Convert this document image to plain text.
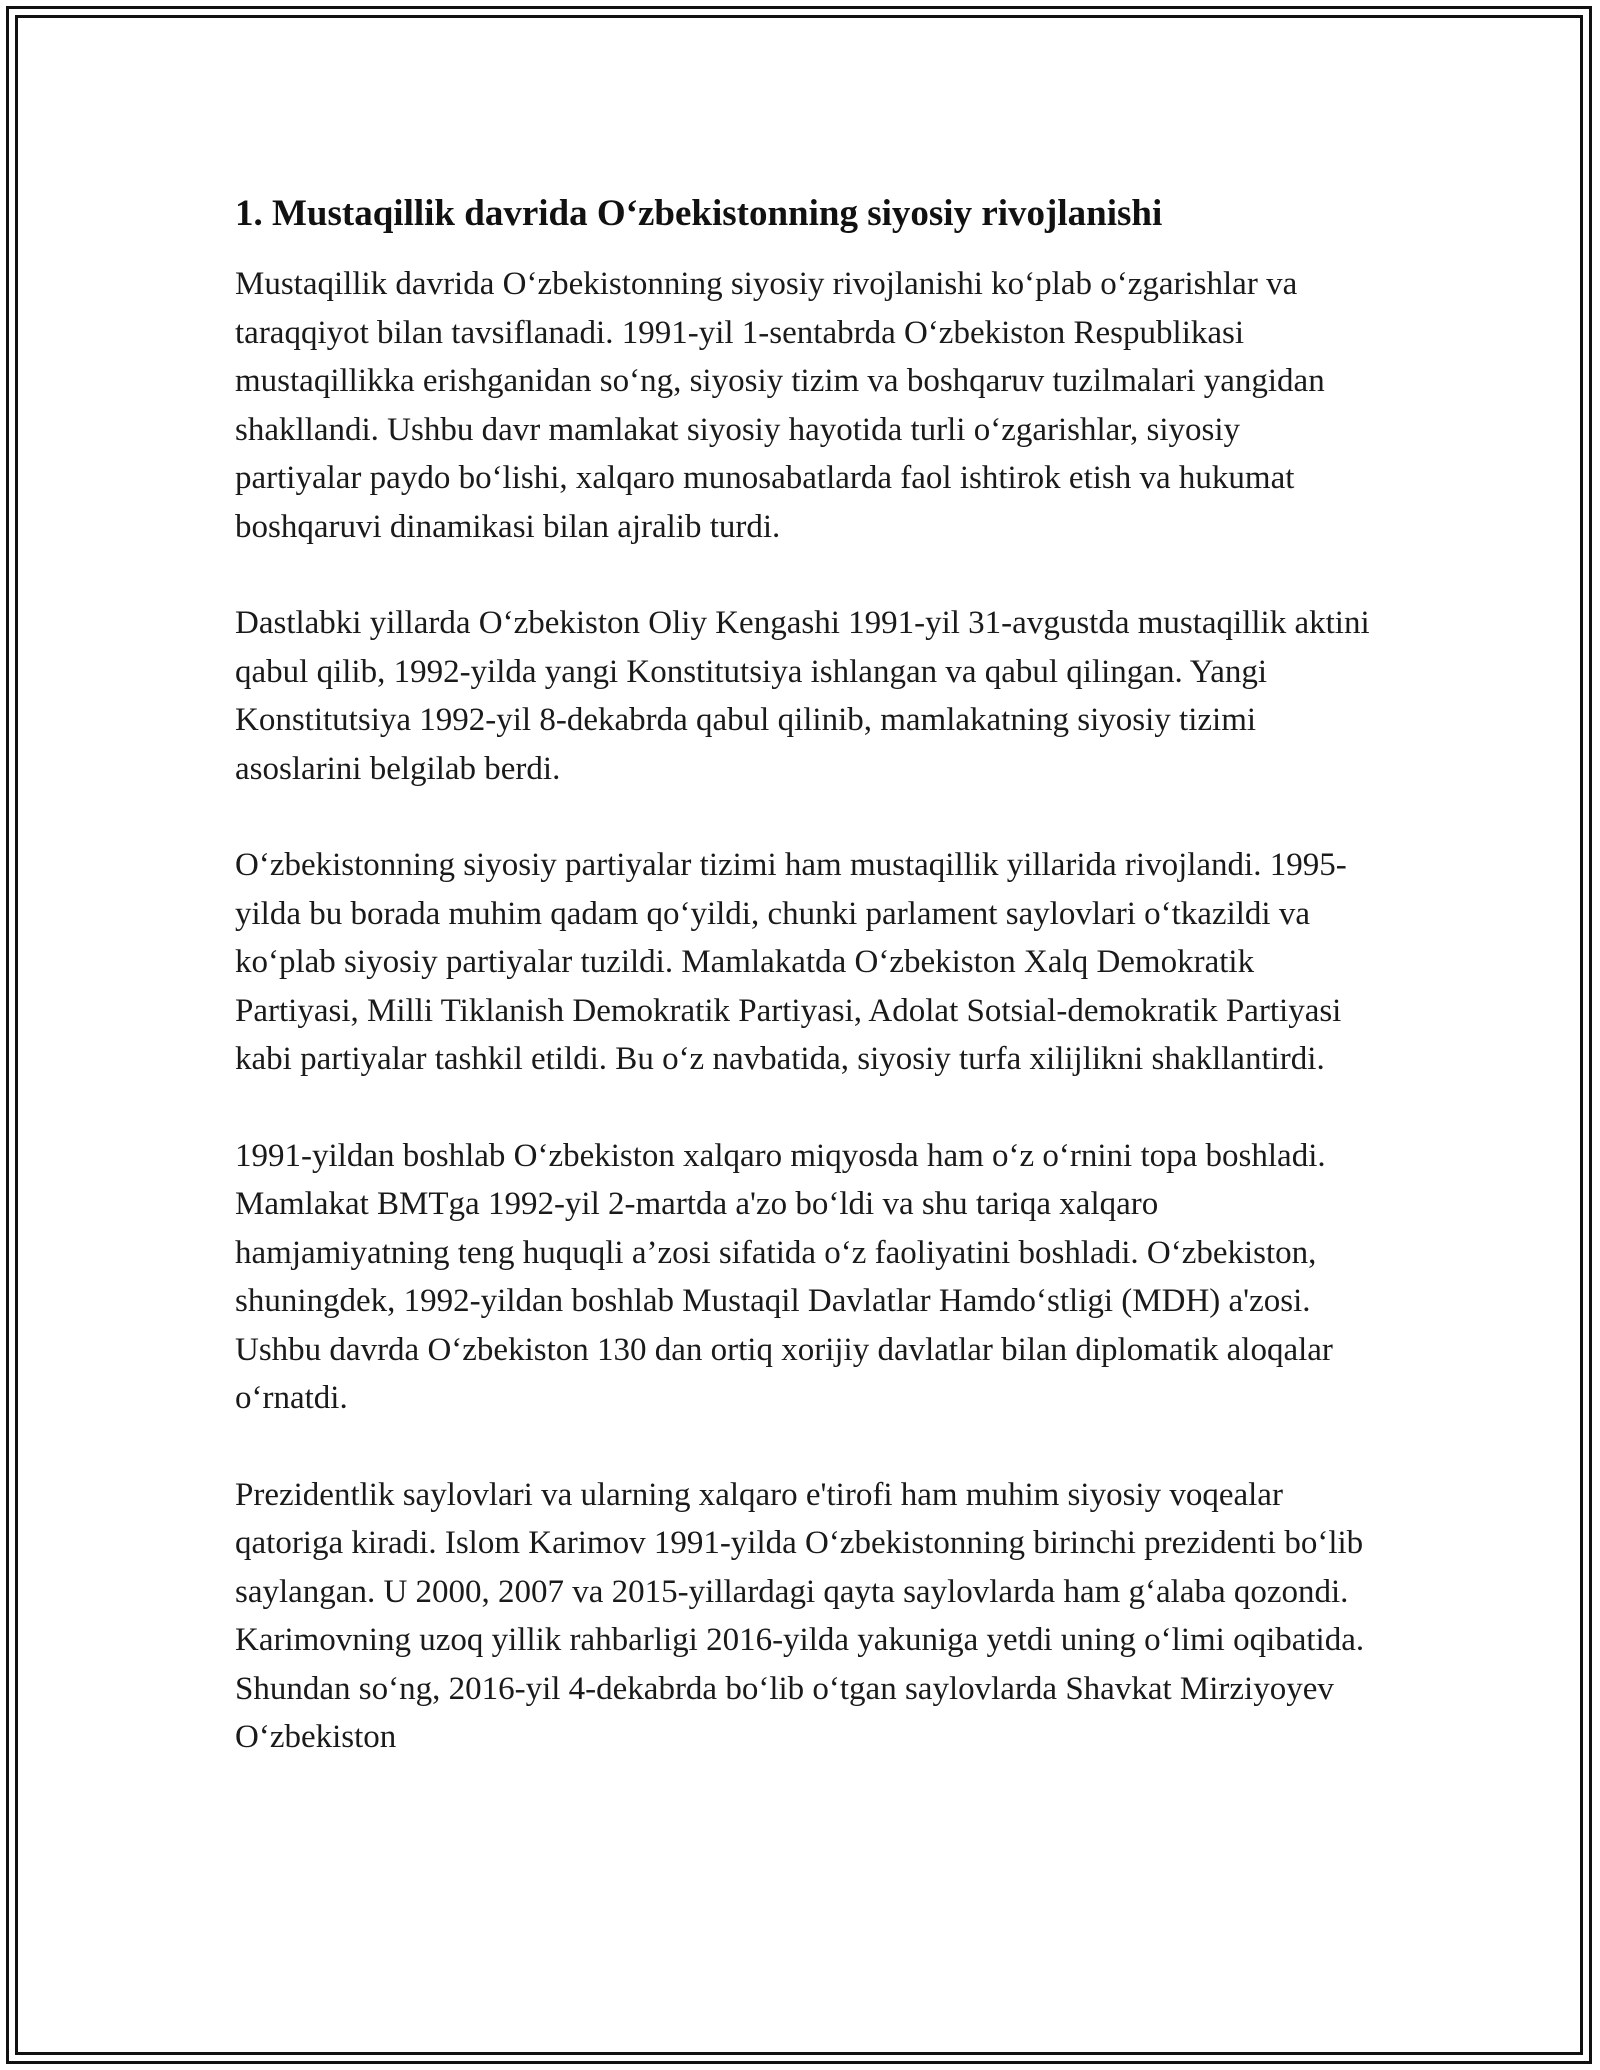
1. Mustaqillik davrida O‘zbekistonning siyosiy rivojlanishi

Mustaqillik davrida O‘zbekistonning siyosiy rivojlanishi ko‘plab o‘zgarishlar va taraqqiyot bilan tavsiflanadi. 1991-yil 1-sentabrda O‘zbekiston Respublikasi mustaqillikka erishganidan so‘ng, siyosiy tizim va boshqaruv tuzilmalari yangidan shakllandi. Ushbu davr mamlakat siyosiy hayotida turli o‘zgarishlar, siyosiy partiyalar paydo bo‘lishi, xalqaro munosabatlarda faol ishtirok etish va hukumat boshqaruvi dinamikasi bilan ajralib turdi.

Dastlabki yillarda O‘zbekiston Oliy Kengashi 1991-yil 31-avgustda mustaqillik aktini qabul qilib, 1992-yilda yangi Konstitutsiya ishlangan va qabul qilingan. Yangi Konstitutsiya 1992-yil 8-dekabrda qabul qilinib, mamlakatning siyosiy tizimi asoslarini belgilab berdi.

O‘zbekistonning siyosiy partiyalar tizimi ham mustaqillik yillarida rivojlandi. 1995-yilda bu borada muhim qadam qo‘yildi, chunki parlament saylovlari o‘tkazildi va ko‘plab siyosiy partiyalar tuzildi. Mamlakatda O‘zbekiston Xalq Demokratik Partiyasi, Milli Tiklanish Demokratik Partiyasi, Adolat Sotsial-demokratik Partiyasi kabi partiyalar tashkil etildi. Bu o‘z navbatida, siyosiy turfa xilijlikni shakllantirdi.

1991-yildan boshlab O‘zbekiston xalqaro miqyosda ham o‘z o‘rnini topa boshladi. Mamlakat BMTga 1992-yil 2-martda a'zo bo‘ldi va shu tariqa xalqaro hamjamiyatning teng huquqli a’zosi sifatida o‘z faoliyatini boshladi. O‘zbekiston, shuningdek, 1992-yildan boshlab Mustaqil Davlatlar Hamdo‘stligi (MDH) a'zosi. Ushbu davrda O‘zbekiston 130 dan ortiq xorijiy davlatlar bilan diplomatik aloqalar o‘rnatdi.

Prezidentlik saylovlari va ularning xalqaro e'tirofi ham muhim siyosiy voqealar qatoriga kiradi. Islom Karimov 1991-yilda O‘zbekistonning birinchi prezidenti bo‘lib saylangan. U 2000, 2007 va 2015-yillardagi qayta saylovlarda ham g‘alaba qozondi. Karimovning uzoq yillik rahbarligi 2016-yilda yakuniga yetdi uning o‘limi oqibatida. Shundan so‘ng, 2016-yil 4-dekabrda bo‘lib o‘tgan saylovlarda Shavkat Mirziyoyev O‘zbekiston
